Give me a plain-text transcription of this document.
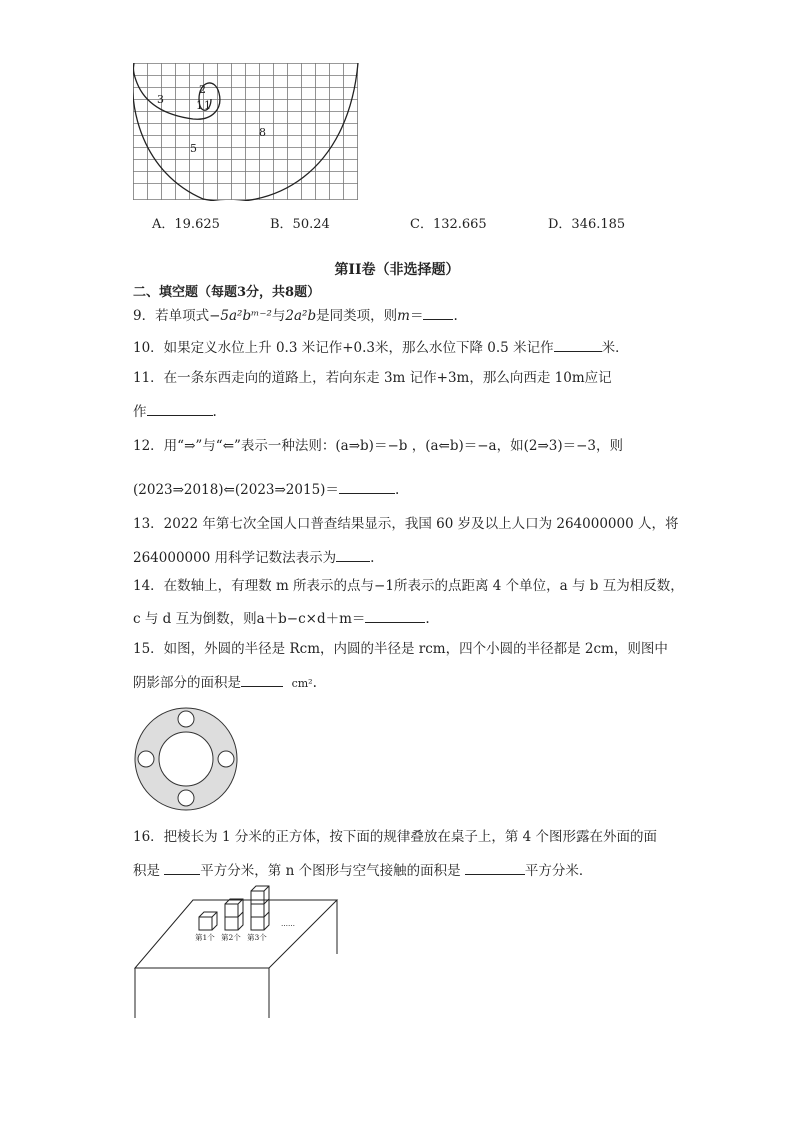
3
2
1 1
8
5
A．19.625	B．50.24	C．132.665	D．346.185
第II卷（非选择题）
二、填空题（每题3分，共8题）
9．若单项式−5a²bᵐ⁻²与2a²b是同类项，则m＝ .
10．如果定义水位上升 0.3 米记作+0.3米，那么水位下降 0.5 米记作	米．
11．在一条东西走向的道路上，若向东走 3m 记作+3m，那么向西走 10m应记
作	.
12．用“⇒”与“⇐”表示一种法则：(a⇒b)＝−b ，(a⇐b)＝−a，如(2⇒3)＝−3，则
(2023⇒2018)⇐(2023⇒2015)＝	.
13．2022 年第七次全国人口普查结果显示，我国 60 岁及以上人口为 264000000 人，将
264000000 用科学记数法表示为	.
14．在数轴上，有理数 m 所表示的点与−1所表示的点距离 4 个单位，a 与 b 互为相反数，
c 与 d 互为倒数，则a＋b−c×d＋m＝	.
15．如图，外圆的半径是 Rcm，内圆的半径是 rcm，四个小圆的半径都是 2cm，则图中
阴影部分的面积是	cm².
16．把棱长为 1 分米的正方体，按下面的规律叠放在桌子上，第 4 个图形露在外面的面
积是	平方分米，第 n 个图形与空气接触的面积是	平方分米．
第1个 第2个 第3个
……
